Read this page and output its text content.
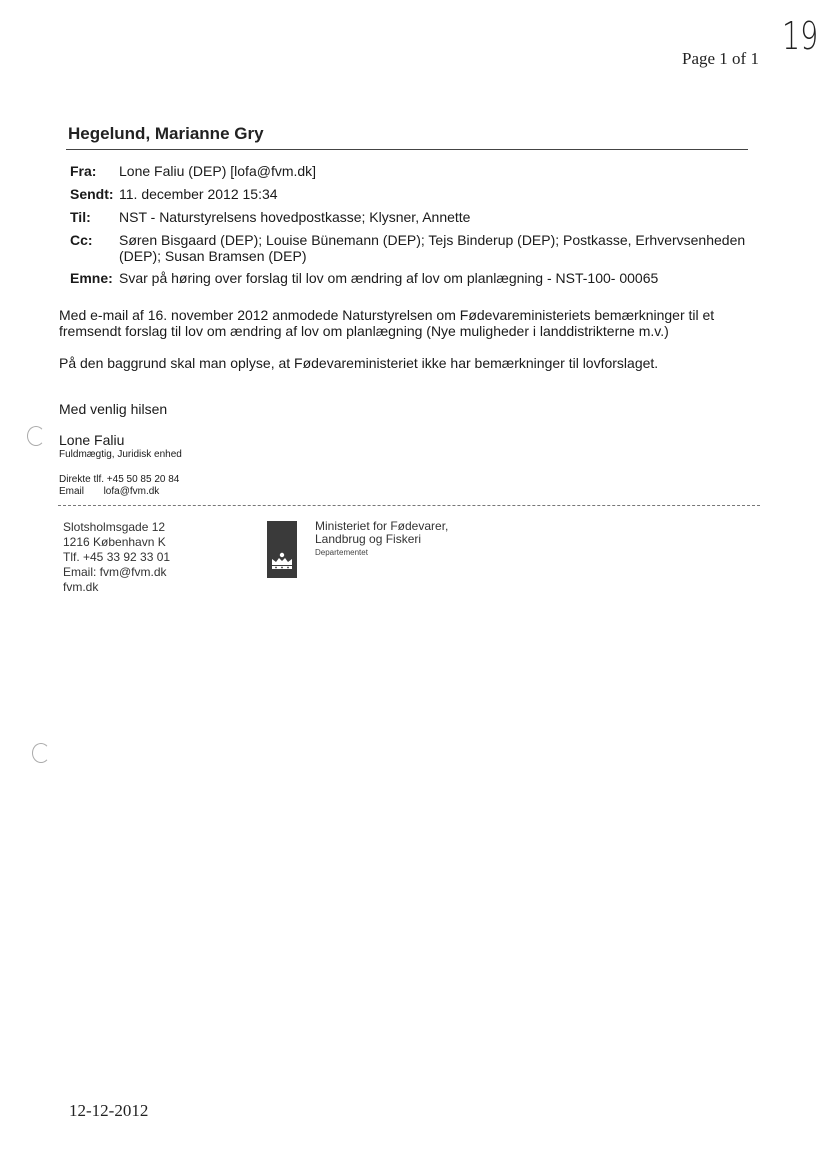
Page 1 of 1
19
Hegelund, Marianne Gry
Fra: Lone Faliu (DEP) [lofa@fvm.dk]
Sendt: 11. december 2012 15:34
Til: NST - Naturstyrelsens hovedpostkasse; Klysner, Annette
Cc: Søren Bisgaard (DEP); Louise Bünemann (DEP); Tejs Binderup (DEP); Postkasse, Erhvervsenheden (DEP); Susan Bramsen (DEP)
Emne: Svar på høring over forslag til lov om ændring af lov om planlægning - NST-100- 00065
Med e-mail af 16. november 2012 anmodede Naturstyrelsen om Fødevareministeriets bemærkninger til et fremsendt forslag til lov om ændring af lov om planlægning (Nye muligheder i landdistrikterne m.v.)
På den baggrund skal man oplyse, at Fødevareministeriet ikke har bemærkninger til lovforslaget.
Med venlig hilsen
Lone Faliu
Fuldmægtig, Juridisk enhed
Direkte tlf. +45 50 85 20 84
Email lofa@fvm.dk
Slotsholmsgade 12
1216 København K
Tlf. +45 33 92 33 01
Email: fvm@fvm.dk
fvm.dk
Ministeriet for Fødevarer,
Landbrug og Fiskeri
Departementet
12-12-2012
